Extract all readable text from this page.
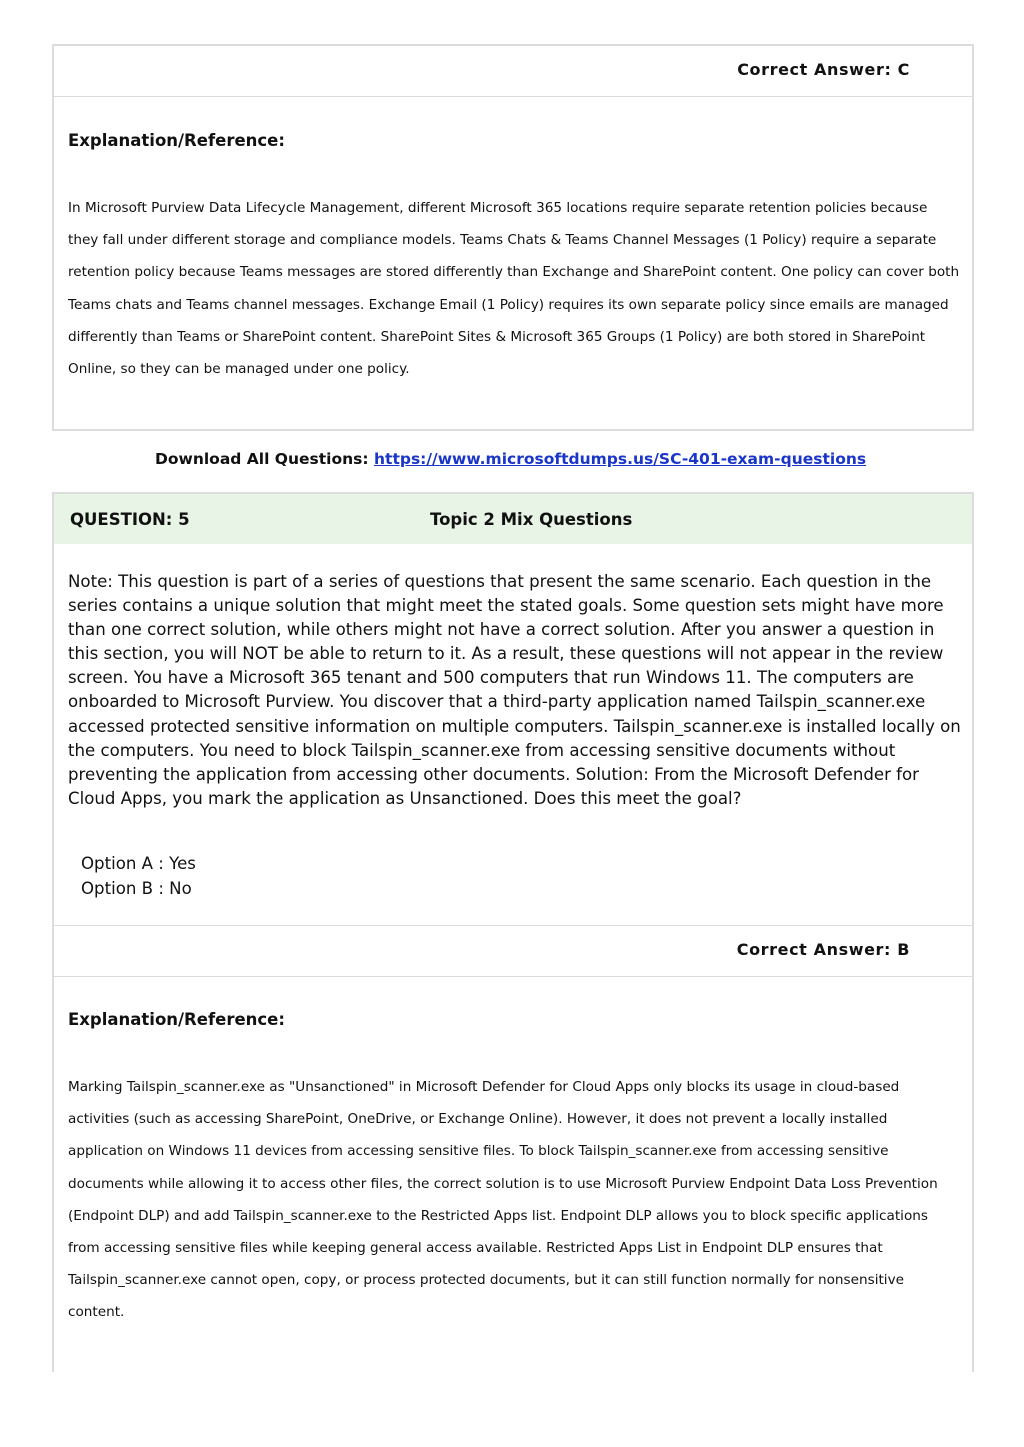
Correct Answer: C
Explanation/Reference:

In Microsoft Purview Data Lifecycle Management, different Microsoft 365 locations require separate retention policies because they fall under different storage and compliance models. Teams Chats & Teams Channel Messages (1 Policy) require a separate retention policy because Teams messages are stored differently than Exchange and SharePoint content. One policy can cover both Teams chats and Teams channel messages. Exchange Email (1 Policy) requires its own separate policy since emails are managed differently than Teams or SharePoint content. SharePoint Sites & Microsoft 365 Groups (1 Policy) are both stored in SharePoint Online, so they can be managed under one policy.

Download All Questions: https://www.microsoftdumps.us/SC-401-exam-questions
QUESTION: 5	Topic 2 Mix Questions

Note: This question is part of a series of questions that present the same scenario. Each question in the series contains a unique solution that might meet the stated goals. Some question sets might have more than one correct solution, while others might not have a correct solution. After you answer a question in this section, you will NOT be able to return to it. As a result, these questions will not appear in the review screen. You have a Microsoft 365 tenant and 500 computers that run Windows 11. The computers are onboarded to Microsoft Purview. You discover that a third-party application named Tailspin_scanner.exe accessed protected sensitive information on multiple computers. Tailspin_scanner.exe is installed locally on the computers. You need to block Tailspin_scanner.exe from accessing sensitive documents without preventing the application from accessing other documents. Solution: From the Microsoft Defender for Cloud Apps, you mark the application as Unsanctioned. Does this meet the goal?

Option A : Yes
Option B : No
Correct Answer: B
Explanation/Reference:

Marking Tailspin_scanner.exe as "Unsanctioned" in Microsoft Defender for Cloud Apps only blocks its usage in cloud-based activities (such as accessing SharePoint, OneDrive, or Exchange Online). However, it does not prevent a locally installed application on Windows 11 devices from accessing sensitive files. To block Tailspin_scanner.exe from accessing sensitive documents while allowing it to access other files, the correct solution is to use Microsoft Purview Endpoint Data Loss Prevention (Endpoint DLP) and add Tailspin_scanner.exe to the Restricted Apps list. Endpoint DLP allows you to block specific applications from accessing sensitive files while keeping general access available. Restricted Apps List in Endpoint DLP ensures that Tailspin_scanner.exe cannot open, copy, or process protected documents, but it can still function normally for nonsensitive content.
